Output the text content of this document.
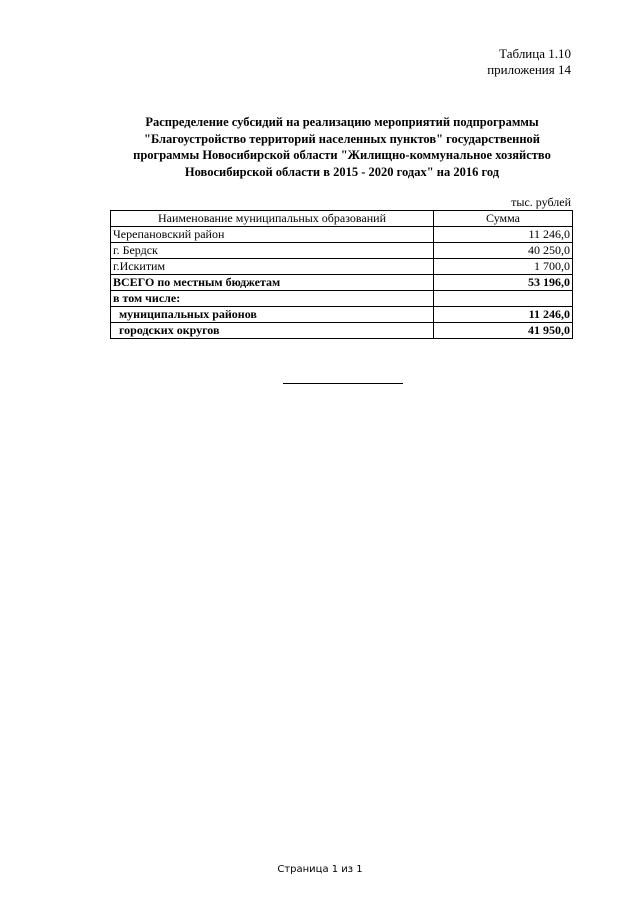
Таблица 1.10
приложения 14
Распределение субсидий на реализацию мероприятий подпрограммы
"Благоустройство территорий населенных пунктов" государственной
программы Новосибирской области "Жилищно-коммунальное хозяйство
Новосибирской области в 2015 - 2020 годах" на 2016 год
тыс. рублей
Наименование муниципальных образований	Сумма
Черепановский район	11 246,0
г. Бердск	40 250,0
г.Искитим	1 700,0
ВСЕГО по местным бюджетам	53 196,0
в том числе:	
муниципальных районов	11 246,0
городских округов	41 950,0
Страница 1 из 1
